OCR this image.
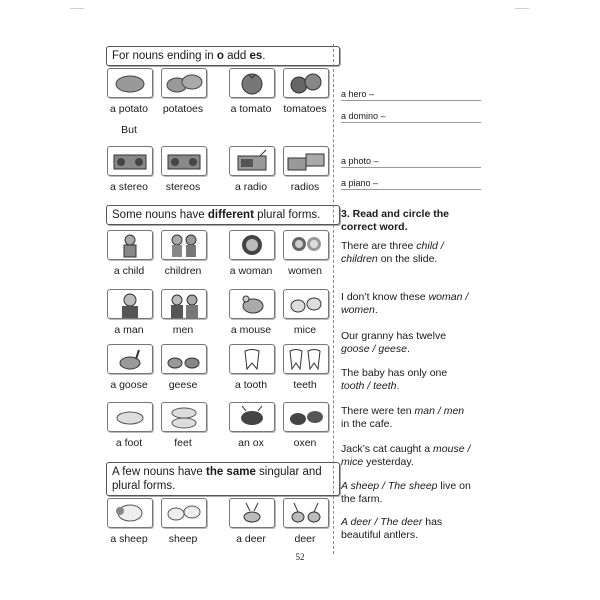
For nouns ending in o add es.
a potato	potatoes	a tomato	tomatoes
But
a stereo	stereos	a radio	radios
Some nouns have different plural forms.
a child	children	a woman	women
a man	men	a mouse	mice
a goose	geese	a tooth	teeth
a foot	feet	an ox	oxen
A few nouns have the same singular and plural forms.
a sheep	sheep	a deer	deer
a hero –
a domino –
a photo –
a piano –
3. Read and circle the correct word.
There are three child / children on the slide.
I don’t know these woman / women.
Our granny has twelve goose / geese.
The baby has only one tooth / teeth.
There were ten man / men in the cafe.
Jack’s cat caught a mouse / mice yesterday.
A sheep / The sheep live on the farm.
A deer / The deer has beautiful antlers.
52
